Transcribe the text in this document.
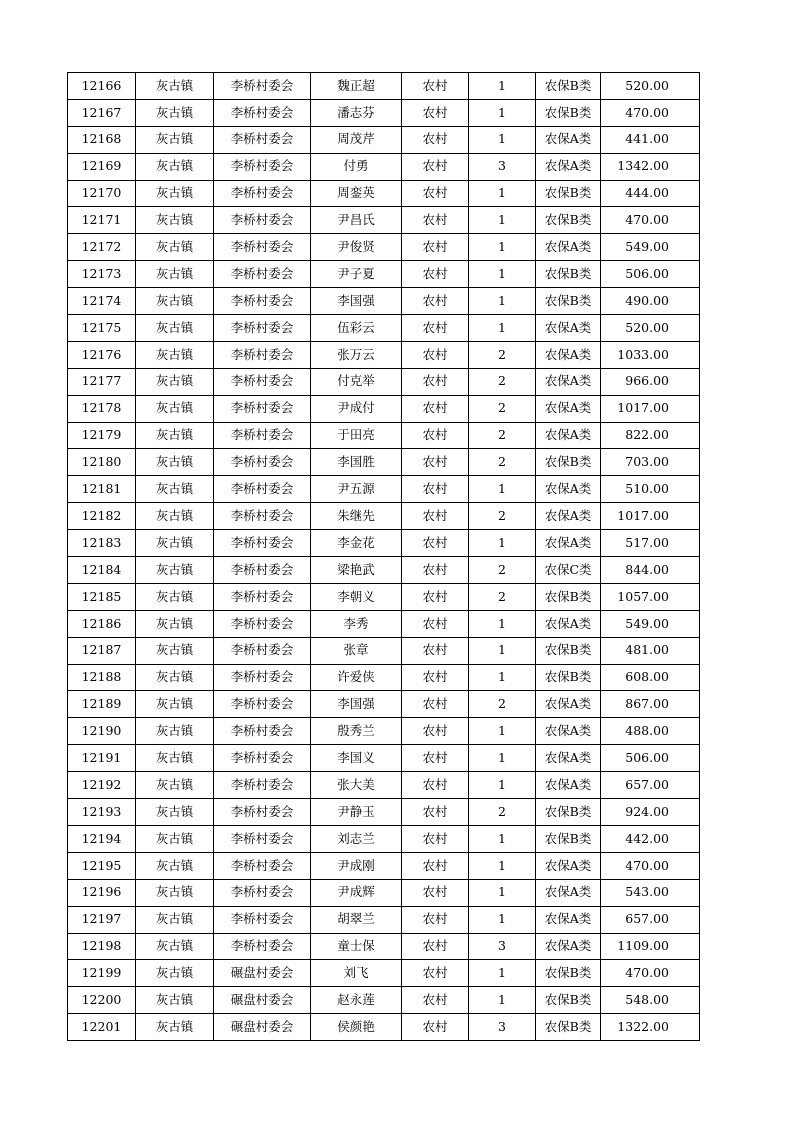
12166	灰古镇	李桥村委会	魏正超	农村	1	农保B类	520.00
12167	灰古镇	李桥村委会	潘志芬	农村	1	农保B类	470.00
12168	灰古镇	李桥村委会	周茂芹	农村	1	农保A类	441.00
12169	灰古镇	李桥村委会	付勇	农村	3	农保A类	1342.00
12170	灰古镇	李桥村委会	周銮英	农村	1	农保B类	444.00
12171	灰古镇	李桥村委会	尹昌氏	农村	1	农保B类	470.00
12172	灰古镇	李桥村委会	尹俊贤	农村	1	农保A类	549.00
12173	灰古镇	李桥村委会	尹子夏	农村	1	农保B类	506.00
12174	灰古镇	李桥村委会	李国强	农村	1	农保B类	490.00
12175	灰古镇	李桥村委会	伍彩云	农村	1	农保A类	520.00
12176	灰古镇	李桥村委会	张万云	农村	2	农保A类	1033.00
12177	灰古镇	李桥村委会	付克举	农村	2	农保A类	966.00
12178	灰古镇	李桥村委会	尹成付	农村	2	农保A类	1017.00
12179	灰古镇	李桥村委会	于田亮	农村	2	农保A类	822.00
12180	灰古镇	李桥村委会	李国胜	农村	2	农保B类	703.00
12181	灰古镇	李桥村委会	尹五源	农村	1	农保A类	510.00
12182	灰古镇	李桥村委会	朱继先	农村	2	农保A类	1017.00
12183	灰古镇	李桥村委会	李金花	农村	1	农保A类	517.00
12184	灰古镇	李桥村委会	梁艳武	农村	2	农保C类	844.00
12185	灰古镇	李桥村委会	李朝义	农村	2	农保B类	1057.00
12186	灰古镇	李桥村委会	李秀	农村	1	农保A类	549.00
12187	灰古镇	李桥村委会	张章	农村	1	农保B类	481.00
12188	灰古镇	李桥村委会	许爱侠	农村	1	农保B类	608.00
12189	灰古镇	李桥村委会	李国强	农村	2	农保A类	867.00
12190	灰古镇	李桥村委会	殷秀兰	农村	1	农保A类	488.00
12191	灰古镇	李桥村委会	李国义	农村	1	农保A类	506.00
12192	灰古镇	李桥村委会	张大美	农村	1	农保A类	657.00
12193	灰古镇	李桥村委会	尹静玉	农村	2	农保B类	924.00
12194	灰古镇	李桥村委会	刘志兰	农村	1	农保B类	442.00
12195	灰古镇	李桥村委会	尹成刚	农村	1	农保A类	470.00
12196	灰古镇	李桥村委会	尹成辉	农村	1	农保A类	543.00
12197	灰古镇	李桥村委会	胡翠兰	农村	1	农保A类	657.00
12198	灰古镇	李桥村委会	童士保	农村	3	农保A类	1109.00
12199	灰古镇	碾盘村委会	刘飞	农村	1	农保B类	470.00
12200	灰古镇	碾盘村委会	赵永莲	农村	1	农保B类	548.00
12201	灰古镇	碾盘村委会	侯颜艳	农村	3	农保B类	1322.00
